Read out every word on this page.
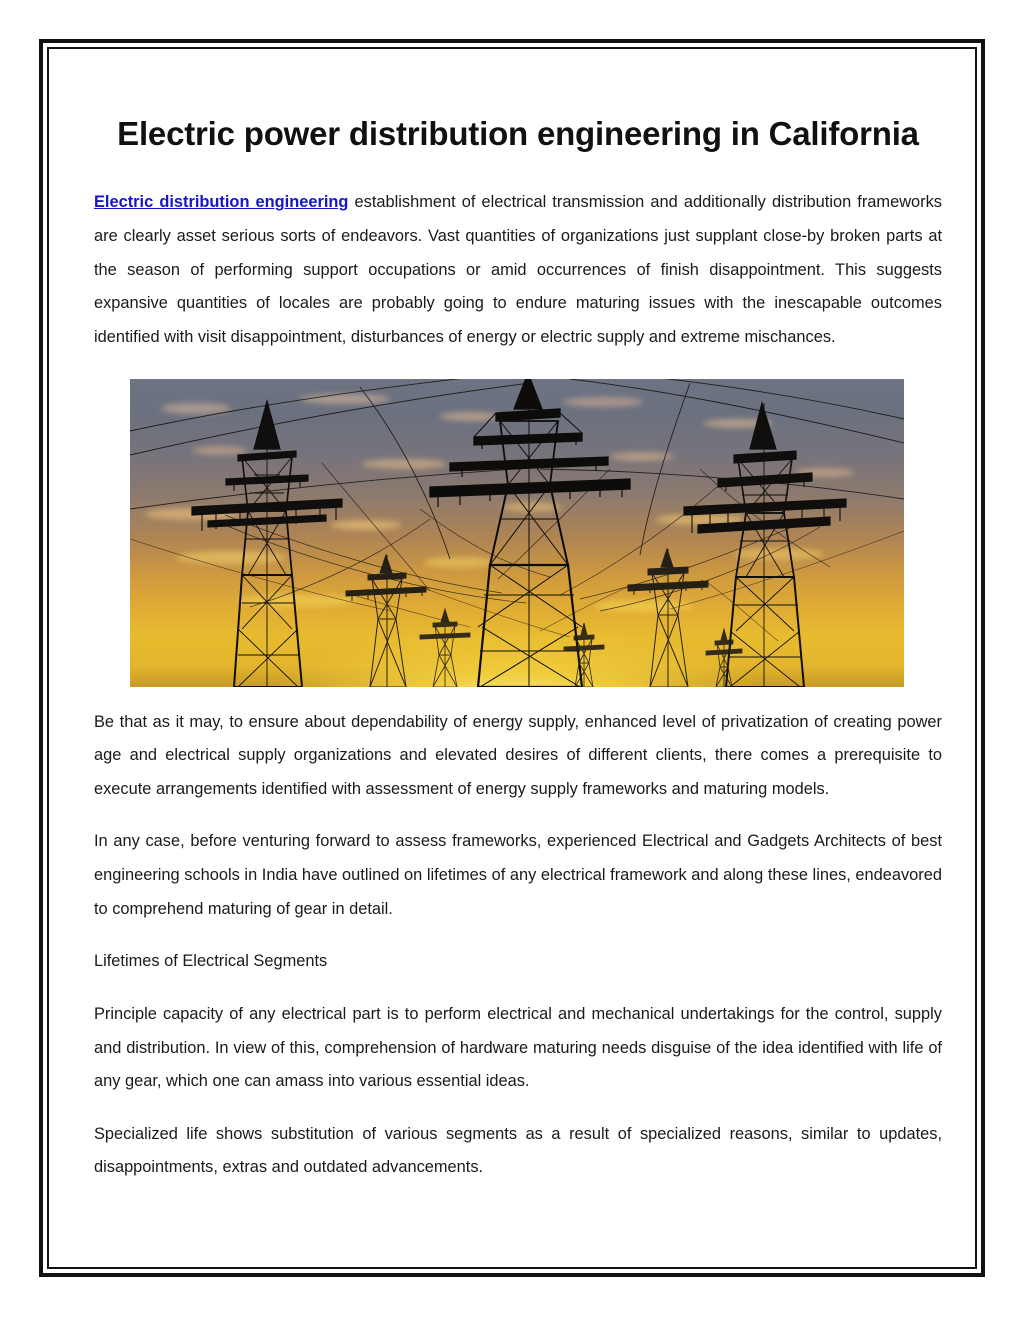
Electric power distribution engineering in California

Electric distribution engineering establishment of electrical transmission and additionally distribution frameworks are clearly asset serious sorts of endeavors. Vast quantities of organizations just supplant close-by broken parts at the season of performing support occupations or amid occurrences of finish disappointment. This suggests expansive quantities of locales are probably going to endure maturing issues with the inescapable outcomes identified with visit disappointment, disturbances of energy or electric supply and extreme mischances.

Be that as it may, to ensure about dependability of energy supply, enhanced level of privatization of creating power age and electrical supply organizations and elevated desires of different clients, there comes a prerequisite to execute arrangements identified with assessment of energy supply frameworks and maturing models.

In any case, before venturing forward to assess frameworks, experienced Electrical and Gadgets Architects of best engineering schools in India have outlined on lifetimes of any electrical framework and along these lines, endeavored to comprehend maturing of gear in detail.

Lifetimes of Electrical Segments

Principle capacity of any electrical part is to perform electrical and mechanical undertakings for the control, supply and distribution. In view of this, comprehension of hardware maturing needs disguise of the idea identified with life of any gear, which one can amass into various essential ideas.

Specialized life shows substitution of various segments as a result of specialized reasons, similar to updates, disappointments, extras and outdated advancements.
